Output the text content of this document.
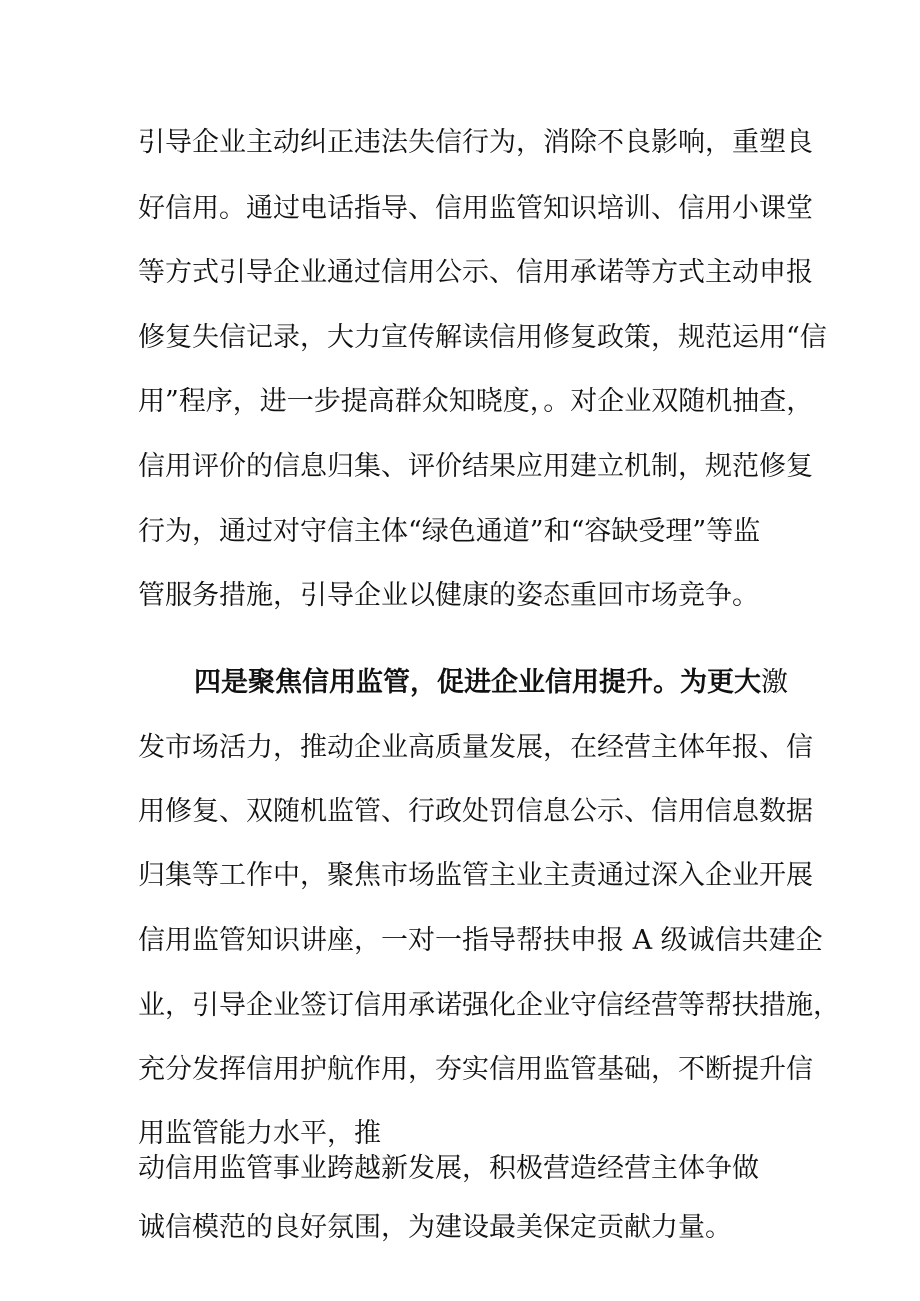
引导企业主动纠正违法失信行为，消除不良影响，重塑良
好信用。通过电话指导、信用监管知识培训、信用小课堂
等方式引导企业通过信用公示、信用承诺等方式主动申报
修复失信记录，大力宣传解读信用修复政策，规范运用“信
用”程序，进一步提高群众知晓度，。对企业双随机抽查，
信用评价的信息归集、评价结果应用建立机制，规范修复
行为，通过对守信主体“绿色通道”和“容缺受理”等监
管服务措施，引导企业以健康的姿态重回市场竞争。
四是聚焦信用监管，促进企业信用提升。为更大激
发市场活力，推动企业高质量发展，在经营主体年报、信
用修复、双随机监管、行政处罚信息公示、信用信息数据
归集等工作中，聚焦市场监管主业主责通过深入企业开展
信用监管知识讲座，一对一指导帮扶申报 A 级诚信共建企
业，引导企业签订信用承诺强化企业守信经营等帮扶措施，
充分发挥信用护航作用，夯实信用监管基础，不断提升信
用监管能力水平，推
动信用监管事业跨越新发展，积极营造经营主体争做
诚信模范的良好氛围，为建设最美保定贡献力量。
